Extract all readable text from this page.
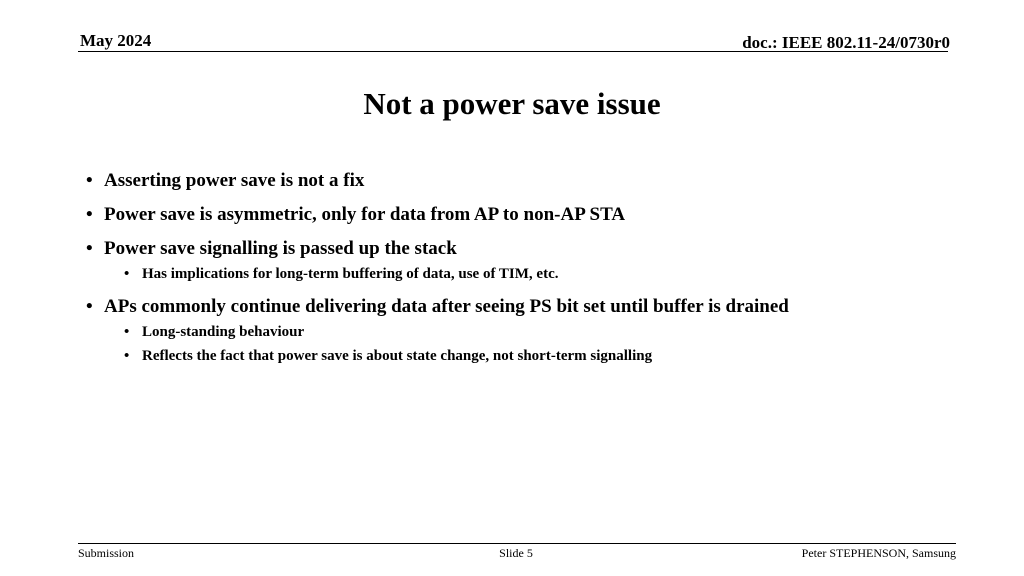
May 2024	doc.: IEEE 802.11-24/0730r0
Not a power save issue
• Asserting power save is not a fix
• Power save is asymmetric, only for data from AP to non-AP STA
• Power save signalling is passed up the stack
• Has implications for long-term buffering of data, use of TIM, etc.
• APs commonly continue delivering data after seeing PS bit set until buffer is drained
• Long-standing behaviour
• Reflects the fact that power save is about state change, not short-term signalling
Submission	Slide 5	Peter STEPHENSON, Samsung
